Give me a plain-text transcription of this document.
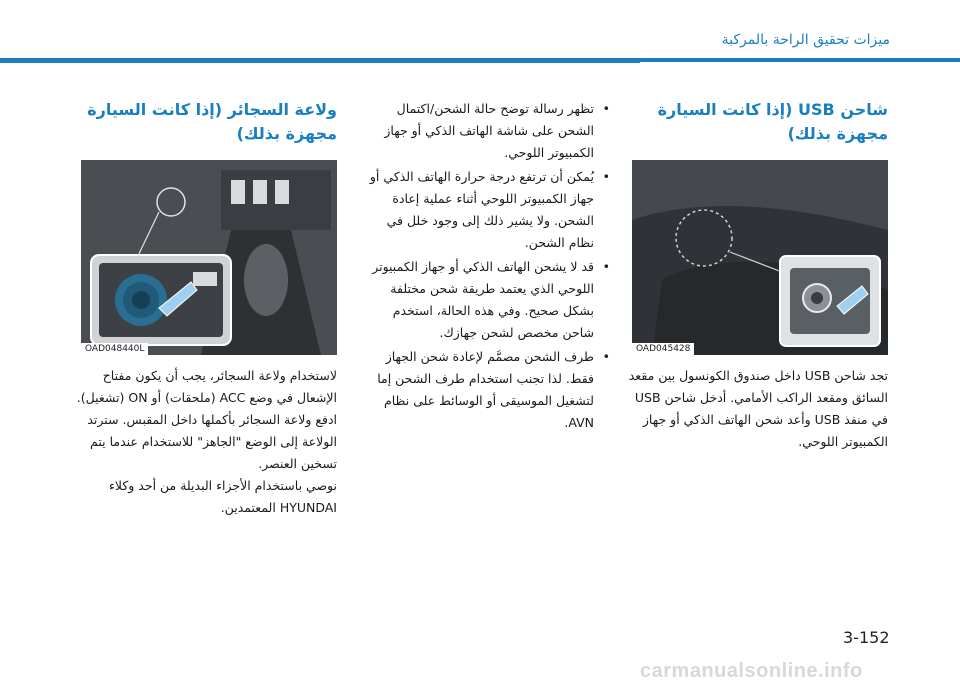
ميزات تحقيق الراحة بالمركبة
شاحن USB (إذا كانت السيارة مجهزة بذلك)
OAD045428

تجد شاحن USB داخل صندوق الكونسول بين مقعد السائق ومقعد الراكب الأمامي. أدخل شاحن USB في منفذ USB وأعد شحن الهاتف الذكي أو جهاز الكمبيوتر اللوحي.

• تظهر رسالة توضح حالة الشحن/اكتمال الشحن على شاشة الهاتف الذكي أو جهاز الكمبيوتر اللوحي.
• يُمكن أن ترتفع درجة حرارة الهاتف الذكي أو جهاز الكمبيوتر اللوحي أثناء عملية إعادة الشحن. ولا يشير ذلك إلى وجود خلل في نظام الشحن.
• قد لا يشحن الهاتف الذكي أو جهاز الكمبيوتر اللوحي الذي يعتمد طريقة شحن مختلفة بشكل صحيح. وفي هذه الحالة، استخدم شاحن مخصص لشحن جهازك.
• طرف الشحن مصمَّم لإعادة شحن الجهاز فقط. لذا تجنب استخدام طرف الشحن إما لتشغيل الموسيقى أو الوسائط على نظام AVN.
ولاعة السجائر (إذا كانت السيارة مجهزة بذلك)
OAD048440L

لاستخدام ولاعة السجائر، يجب أن يكون مفتاح الإشعال في وضع ACC (ملحقات) أو ON (تشغيل).

ادفع ولاعة السجائر بأكملها داخل المقبس. سترتد الولاعة إلى الوضع "الجاهز" للاستخدام عندما يتم تسخين العنصر.

نوصي باستخدام الأجزاء البديلة من أحد وكلاء HYUNDAI المعتمدين.

3-152
carmanualsonline.info
